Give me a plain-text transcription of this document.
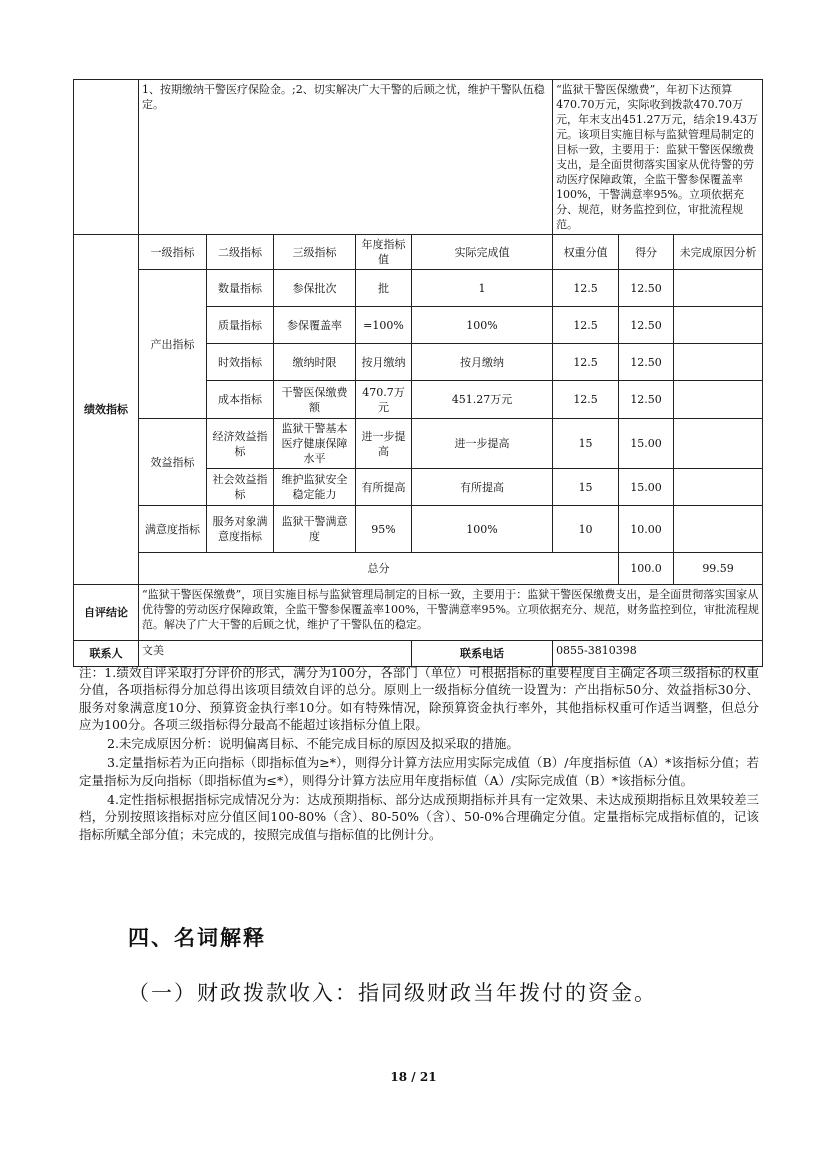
	1、按期缴纳干警医疗保险金。;2、切实解决广大干警的后顾之忧，维护干警队伍稳定。					“监狱干警医保缴费”，年初下达预算470.70万元，实际收到拨款470.70万元，年末支出451.27万元，结余19.43万元。该项目实施目标与监狱管理局制定的目标一致，主要用于：监狱干警医保缴费支出，是全面贯彻落实国家从优待警的劳动医疗保障政策，全监干警参保覆盖率100%，干警满意率95%。立项依据充分、规范，财务监控到位，审批流程规范。			
绩效指标	一级指标	二级指标	三级指标	年度指标值	实际完成值	权重分值	得分	未完成原因分析	
	产出指标	数量指标	参保批次	批	1	12.5	12.50		
		质量指标	参保覆盖率	=100%	100%	12.5	12.50		
		时效指标	缴纳时限	按月缴纳	按月缴纳	12.5	12.50		
		成本指标	干警医保缴费额	470.7万元	451.27万元	12.5	12.50		
	效益指标	经济效益指标	监狱干警基本医疗健康保障水平	进一步提高	进一步提高	15	15.00		
		社会效益指标	维护监狱安全稳定能力	有所提高	有所提高	15	15.00		
	满意度指标	服务对象满意度指标	监狱干警满意度	95%	100%	10	10.00		
	总分						100.0	99.59	
自评结论	“监狱干警医保缴费”，项目实施目标与监狱管理局制定的目标一致，主要用于：监狱干警医保缴费支出，是全面贯彻落实国家从优待警的劳动医疗保障政策，全监干警参保覆盖率100%，干警满意率95%。立项依据充分、规范，财务监控到位，审批流程规范。解决了广大干警的后顾之忧，维护了干警队伍的稳定。								
联系人	文美				联系电话	0855-3810398			

注：1.绩效自评采取打分评价的形式，满分为100分，各部门（单位）可根据指标的重要程度自主确定各项三级指标的权重分值，各项指标得分加总得出该项目绩效自评的总分。原则上一级指标分值统一设置为：产出指标50分、效益指标30分、服务对象满意度10分、预算资金执行率10分。如有特殊情况，除预算资金执行率外，其他指标权重可作适当调整，但总分应为100分。各项三级指标得分最高不能超过该指标分值上限。

2.未完成原因分析：说明偏离目标、不能完成目标的原因及拟采取的措施。

3.定量指标若为正向指标（即指标值为≥*），则得分计算方法应用实际完成值（B）/年度指标值（A）*该指标分值；若定量指标为反向指标（即指标值为≤*），则得分计算方法应用年度指标值（A）/实际完成值（B）*该指标分值。

4.定性指标根据指标完成情况分为：达成预期指标、部分达成预期指标并具有一定效果、未达成预期指标且效果较差三档，分别按照该指标对应分值区间100-80%（含）、80-50%（含）、50-0%合理确定分值。定量指标完成指标值的，记该指标所赋全部分值；未完成的，按照完成值与指标值的比例计分。

四、名词解释
（一）财政拨款收入：指同级财政当年拨付的资金。
18 / 21
